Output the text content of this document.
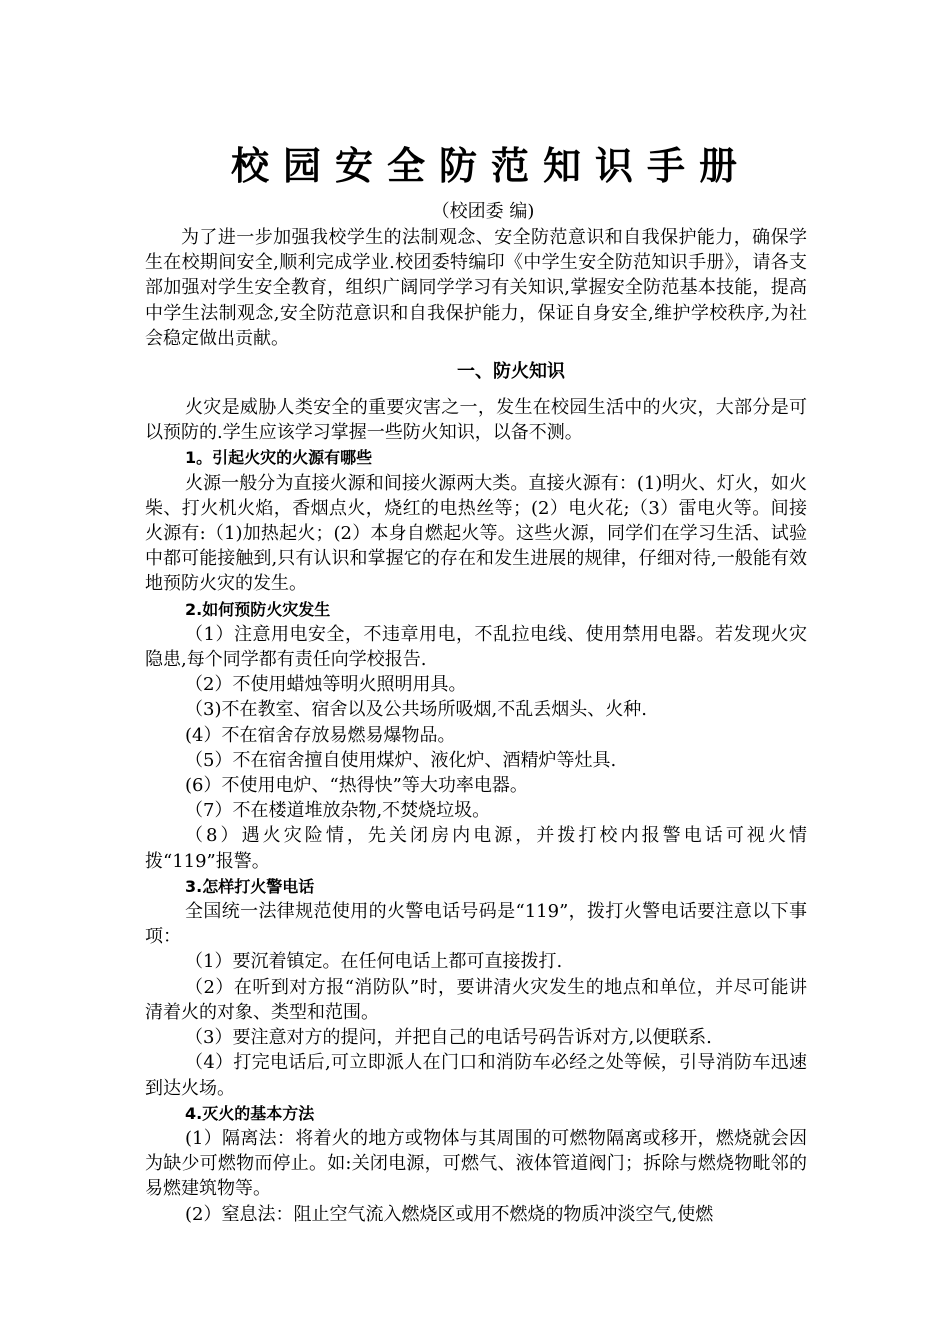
校园安全防范知识手册
（校团委 编)

为了进一步加强我校学生的法制观念、安全防范意识和自我保护能力，确保学生在校期间安全,顺利完成学业.校团委特编印《中学生安全防范知识手册》，请各支部加强对学生安全教育，组织广阔同学学习有关知识,掌握安全防范基本技能，提高中学生法制观念,安全防范意识和自我保护能力，保证自身安全,维护学校秩序,为社会稳定做出贡献。

一、防火知识

火灾是威胁人类安全的重要灾害之一，发生在校园生活中的火灾，大部分是可以预防的.学生应该学习掌握一些防火知识，以备不测。

1。引起火灾的火源有哪些

火源一般分为直接火源和间接火源两大类。直接火源有：(1)明火、灯火，如火柴、打火机火焰，香烟点火，烧红的电热丝等；(2）电火花;（3）雷电火等。间接火源有:（1)加热起火；(2）本身自燃起火等。这些火源，同学们在学习生活、试验中都可能接触到,只有认识和掌握它的存在和发生进展的规律，仔细对待,一般能有效地预防火灾的发生。

2.如何预防火灾发生

（1）注意用电安全，不违章用电，不乱拉电线、使用禁用电器。若发现火灾隐患,每个同学都有责任向学校报告.

（2）不使用蜡烛等明火照明用具。

（3)不在教室、宿舍以及公共场所吸烟,不乱丢烟头、火种.

(4）不在宿舍存放易燃易爆物品。

（5）不在宿舍擅自使用煤炉、液化炉、酒精炉等灶具.

(6）不使用电炉、“热得快”等大功率电器。

（7）不在楼道堆放杂物,不焚烧垃圾。

（8）遇火灾险情，先关闭房内电源，并拨打校内报警电话可视火情拨“119”报警。

3.怎样打火警电话

全国统一法律规范使用的火警电话号码是“119”，拨打火警电话要注意以下事项：

（1）要沉着镇定。在任何电话上都可直接拨打.

（2）在听到对方报“消防队”时，要讲清火灾发生的地点和单位，并尽可能讲清着火的对象、类型和范围。

（3）要注意对方的提问，并把自己的电话号码告诉对方,以便联系.

（4）打完电话后,可立即派人在门口和消防车必经之处等候，引导消防车迅速到达火场。

4.灭火的基本方法

(1）隔离法：将着火的地方或物体与其周围的可燃物隔离或移开，燃烧就会因为缺少可燃物而停止。如:关闭电源，可燃气、液体管道阀门；拆除与燃烧物毗邻的易燃建筑物等。

(2）窒息法：阻止空气流入燃烧区或用不燃烧的物质冲淡空气,使燃
